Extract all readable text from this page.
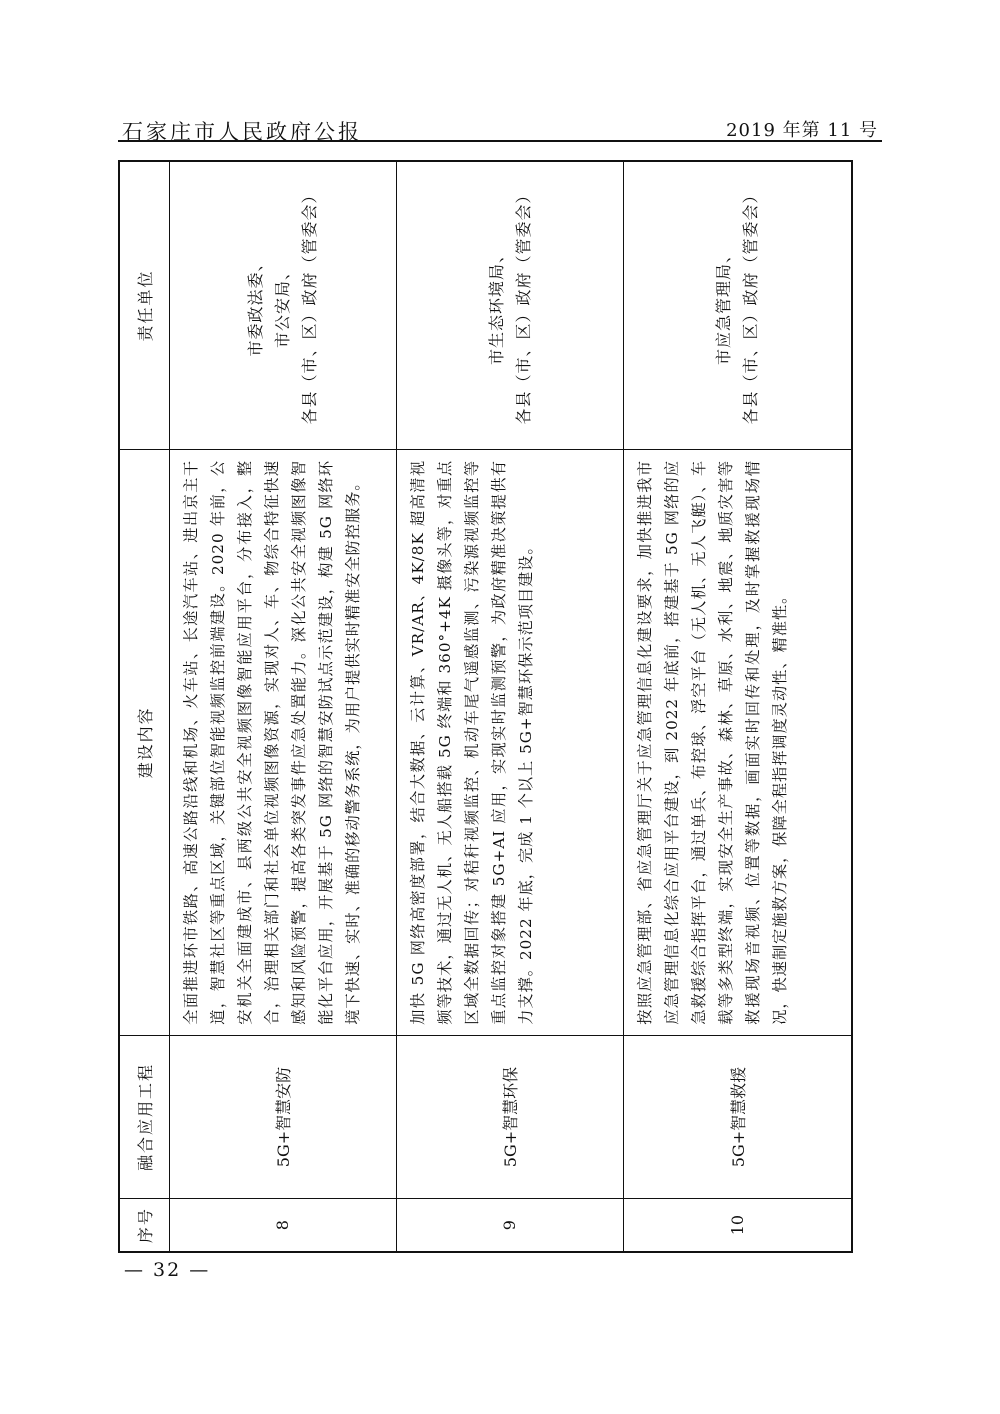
石家庄市人民政府公报	2019 年第 11 号
序号
融合应用工程
建设内容
责任单位
8
5G+智慧安防
全面推进环市铁路、高速公路沿线和机场、火车站、长途汽车站、进出京主干道，智慧社区等重点区域，关键部位智能视频监控前端建设。2020 年前，公安机关全面建成市、县两级公共安全视频图像智能应用平台，分布接入，整合，治理相关部门和社会单位视频图像资源，实现对人、车、物综合特征快速感知和风险预警，提高各类突发事件应急处置能力。深化公共安全视频图像智能化平台应用，开展基于 5G 网络的智慧安防试点示范建设，构建 5G 网络环境下快速、实时、准确的移动警务系统，为用户提供实时精准安全防控服务。
市委政法委、 市公安局、 各县（市、区）政府（管委会）
9
5G+智慧环保
加快 5G 网络高密度部署，结合大数据、云计算、VR/AR、4K/8K 超高清视频等技术，通过无人机、无人船搭载 5G 终端和 360°+4K 摄像头等，对重点区域全数据回传；对秸秆视频监控、机动车尾气遥感监测、污染源视频监控等重点监控对象搭建 5G+AI 应用，实现实时监测预警，为政府精准决策提供有力支撑。2022 年底，完成 1 个以上 5G+智慧环保示范项目建设。
市生态环境局、 各县（市、区）政府（管委会）
10
5G+智慧救援
按照应急管理部、省应急管理厅关于应急管理信息化建设要求，加快推进我市应急管理信息化综合应用平台建设，到 2022 年底前，搭建基于 5G 网络的应急救援综合指挥平台，通过单兵、布控球、浮空平台（无人机、无人飞艇）、车载等多类型终端，实现安全生产事故、森林、草原、水利、地震、地质灾害等救援现场音视频、位置等数据，画面实时回传和处理，及时掌握救援现场情况，快速制定施救方案，保障全程指挥调度灵动性、精准性。
市应急管理局、 各县（市、区）政府（管委会）
— 32 —
